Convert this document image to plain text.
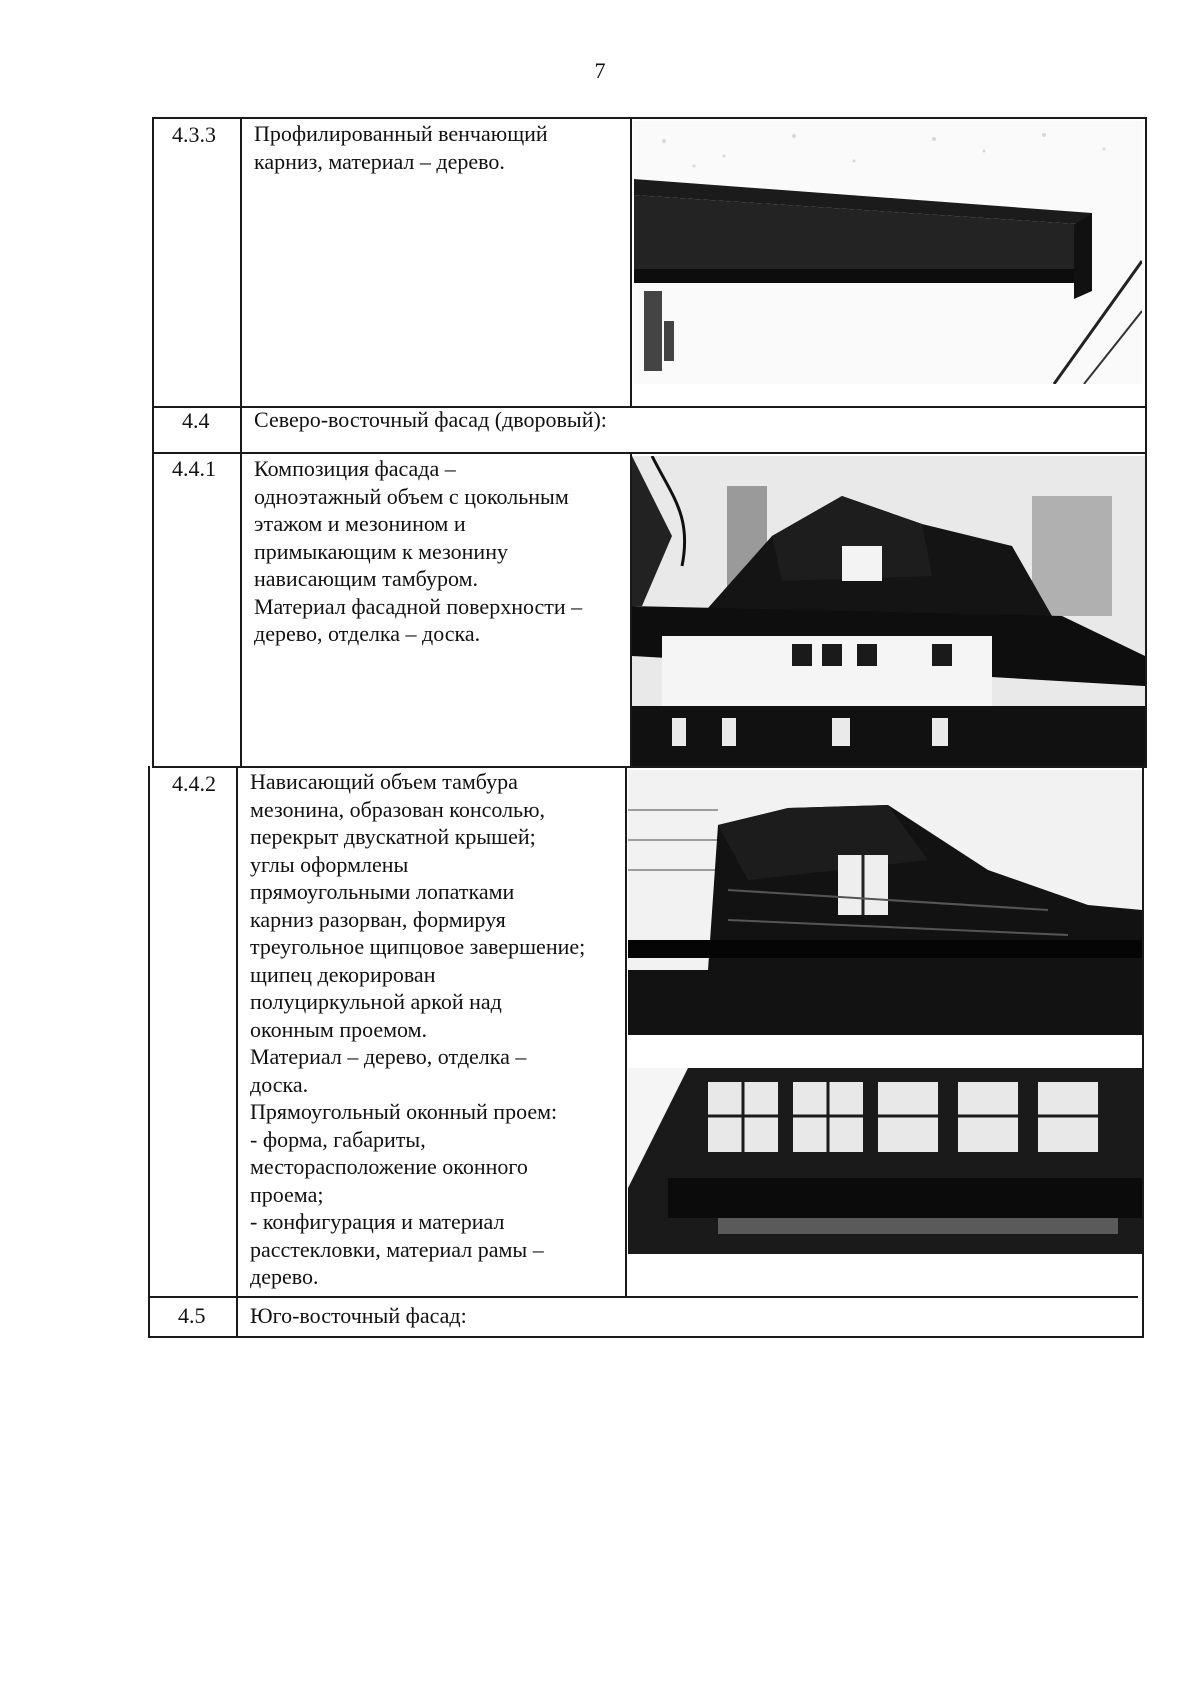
7
4.3.3 Профилированный венчающий
карниз, материал – дерево.
4.4 Северо-восточный фасад (дворовый):
4.4.1 Композиция фасада –
одноэтажный объем с цокольным
этажом и мезонином и
примыкающим к мезонину
нависающим тамбуром.
Материал фасадной поверхности –
дерево, отделка – доска.
4.4.2 Нависающий объем тамбура
мезонина, образован консолью,
перекрыт двускатной крышей;
углы оформлены
прямоугольными лопатками
карниз разорван, формируя
треугольное щипцовое завершение;
щипец декорирован
полуциркульной аркой над
оконным проемом.
Материал – дерево, отделка –
доска.
Прямоугольный оконный проем:
- форма, габариты,
месторасположение оконного
проема;
- конфигурация и материал
расстекловки, материал рамы –
дерево.
4.5 Юго-восточный фасад:
